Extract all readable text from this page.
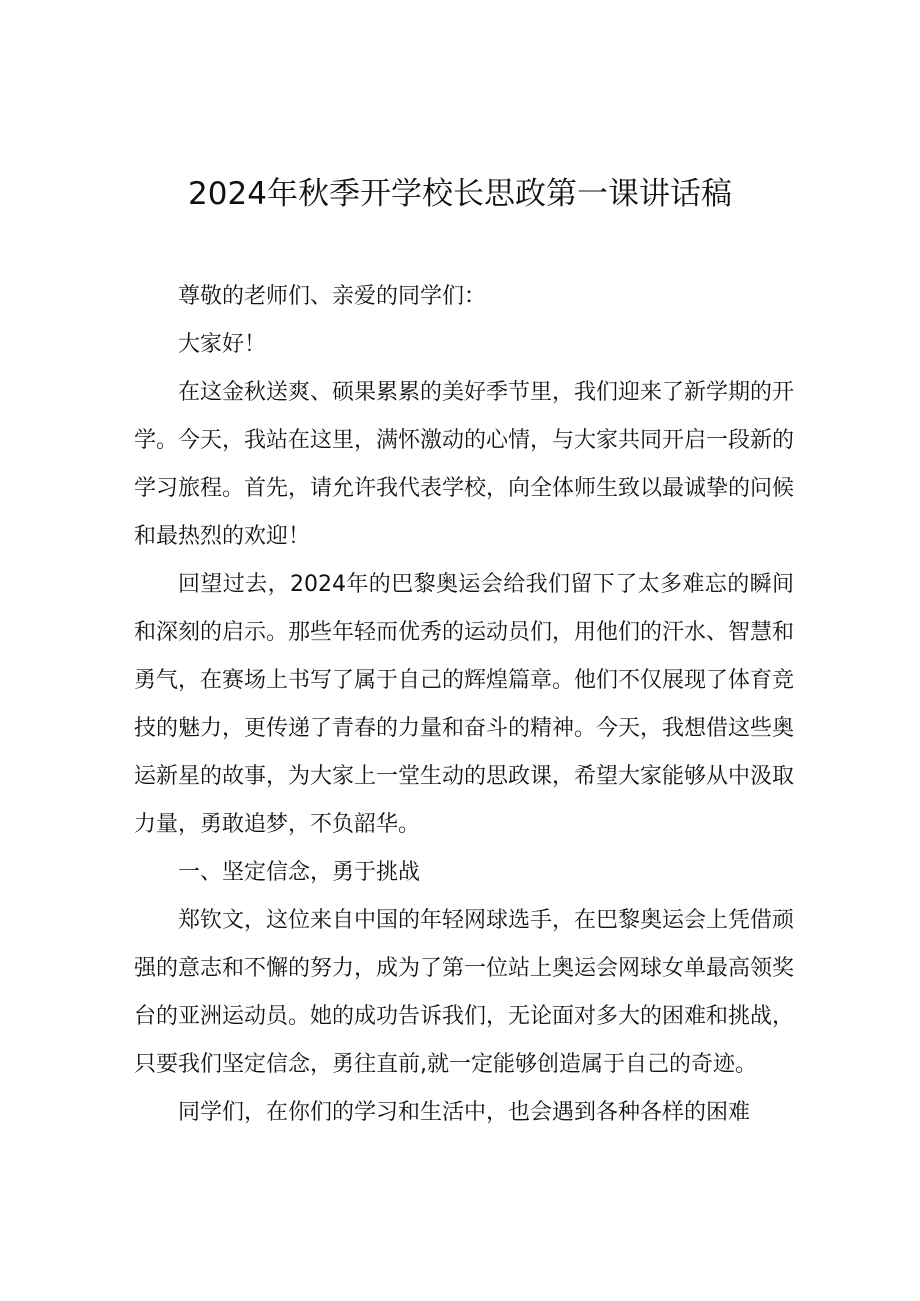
2024年秋季开学校长思政第一课讲话稿

尊敬的老师们、亲爱的同学们：

大家好！

在这金秋送爽、硕果累累的美好季节里，我们迎来了新学期的开学。今天，我站在这里，满怀激动的心情，与大家共同开启一段新的学习旅程。首先，请允许我代表学校，向全体师生致以最诚挚的问候和最热烈的欢迎！

回望过去，2024年的巴黎奥运会给我们留下了太多难忘的瞬间和深刻的启示。那些年轻而优秀的运动员们，用他们的汗水、智慧和勇气，在赛场上书写了属于自己的辉煌篇章。他们不仅展现了体育竞技的魅力，更传递了青春的力量和奋斗的精神。今天，我想借这些奥运新星的故事，为大家上一堂生动的思政课，希望大家能够从中汲取力量，勇敢追梦，不负韶华。

一、坚定信念，勇于挑战

郑钦文，这位来自中国的年轻网球选手，在巴黎奥运会上凭借顽强的意志和不懈的努力，成为了第一位站上奥运会网球女单最高领奖台的亚洲运动员。她的成功告诉我们，无论面对多大的困难和挑战，只要我们坚定信念，勇往直前,就一定能够创造属于自己的奇迹。

同学们，在你们的学习和生活中，也会遇到各种各样的困难
